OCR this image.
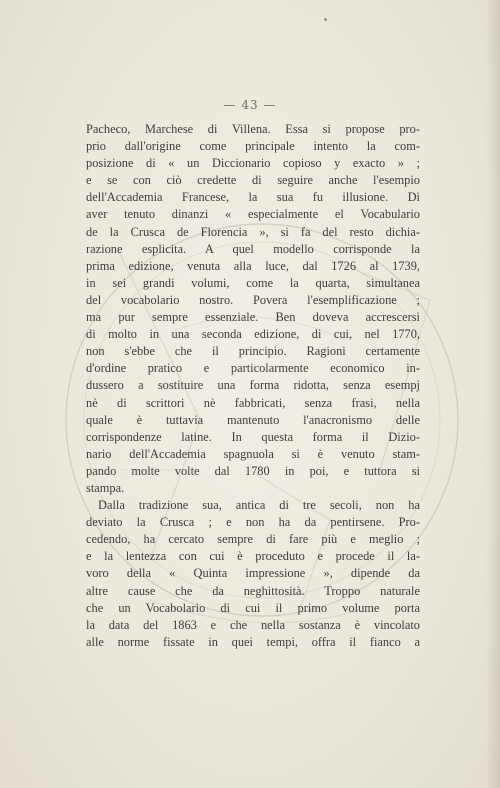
— 43 —
Pacheco, Marchese di Villena. Essa si propose pro-
prio dall'origine come principale intento la com-
posizione di « un Diccionario copioso y exacto » ;
e se con ciò credette di seguire anche l'esempio
dell'Accademia Francese, la sua fu illusione. Di
aver tenuto dinanzi « especialmente el Vocabulario
de la Crusca de Florencia », si fa del resto dichia-
razione esplicita. A quel modello corrisponde la
prima edizione, venuta alla luce, dal 1726 al 1739,
in sei grandi volumi, come la quarta, simultanea
del vocabolario nostro. Povera l'esemplificazione ;
ma pur sempre essenziale. Ben doveva accrescersi
di molto in una seconda edizione, di cui, nel 1770,
non s'ebbe che il principio. Ragioni certamente
d'ordine pratico e particolarmente economico in-
dussero a sostituire una forma ridotta, senza esempj
nè di scrittori nè fabbricati, senza frasi, nella
quale è tuttavia mantenuto l'anacronismo delle
corrispondenze latine. In questa forma il Dizio-
nario dell'Accademia spagnuola si è venuto stam-
pando molte volte dal 1780 in poi, e tuttora si
stampa.
Dalla tradizione sua, antica di tre secoli, non ha
deviato la Crusca ; e non ha da pentirsene. Pro-
cedendo, ha cercato sempre di fare più e meglio ;
e la lentezza con cui è proceduto e procede il la-
voro della « Quinta impressione », dipende da
altre cause che da neghittosità. Troppo naturale
che un Vocabolario di cui il primo volume porta
la data del 1863 e che nella sostanza è vincolato
alle norme fissate in quei tempi, offra il fianco a
